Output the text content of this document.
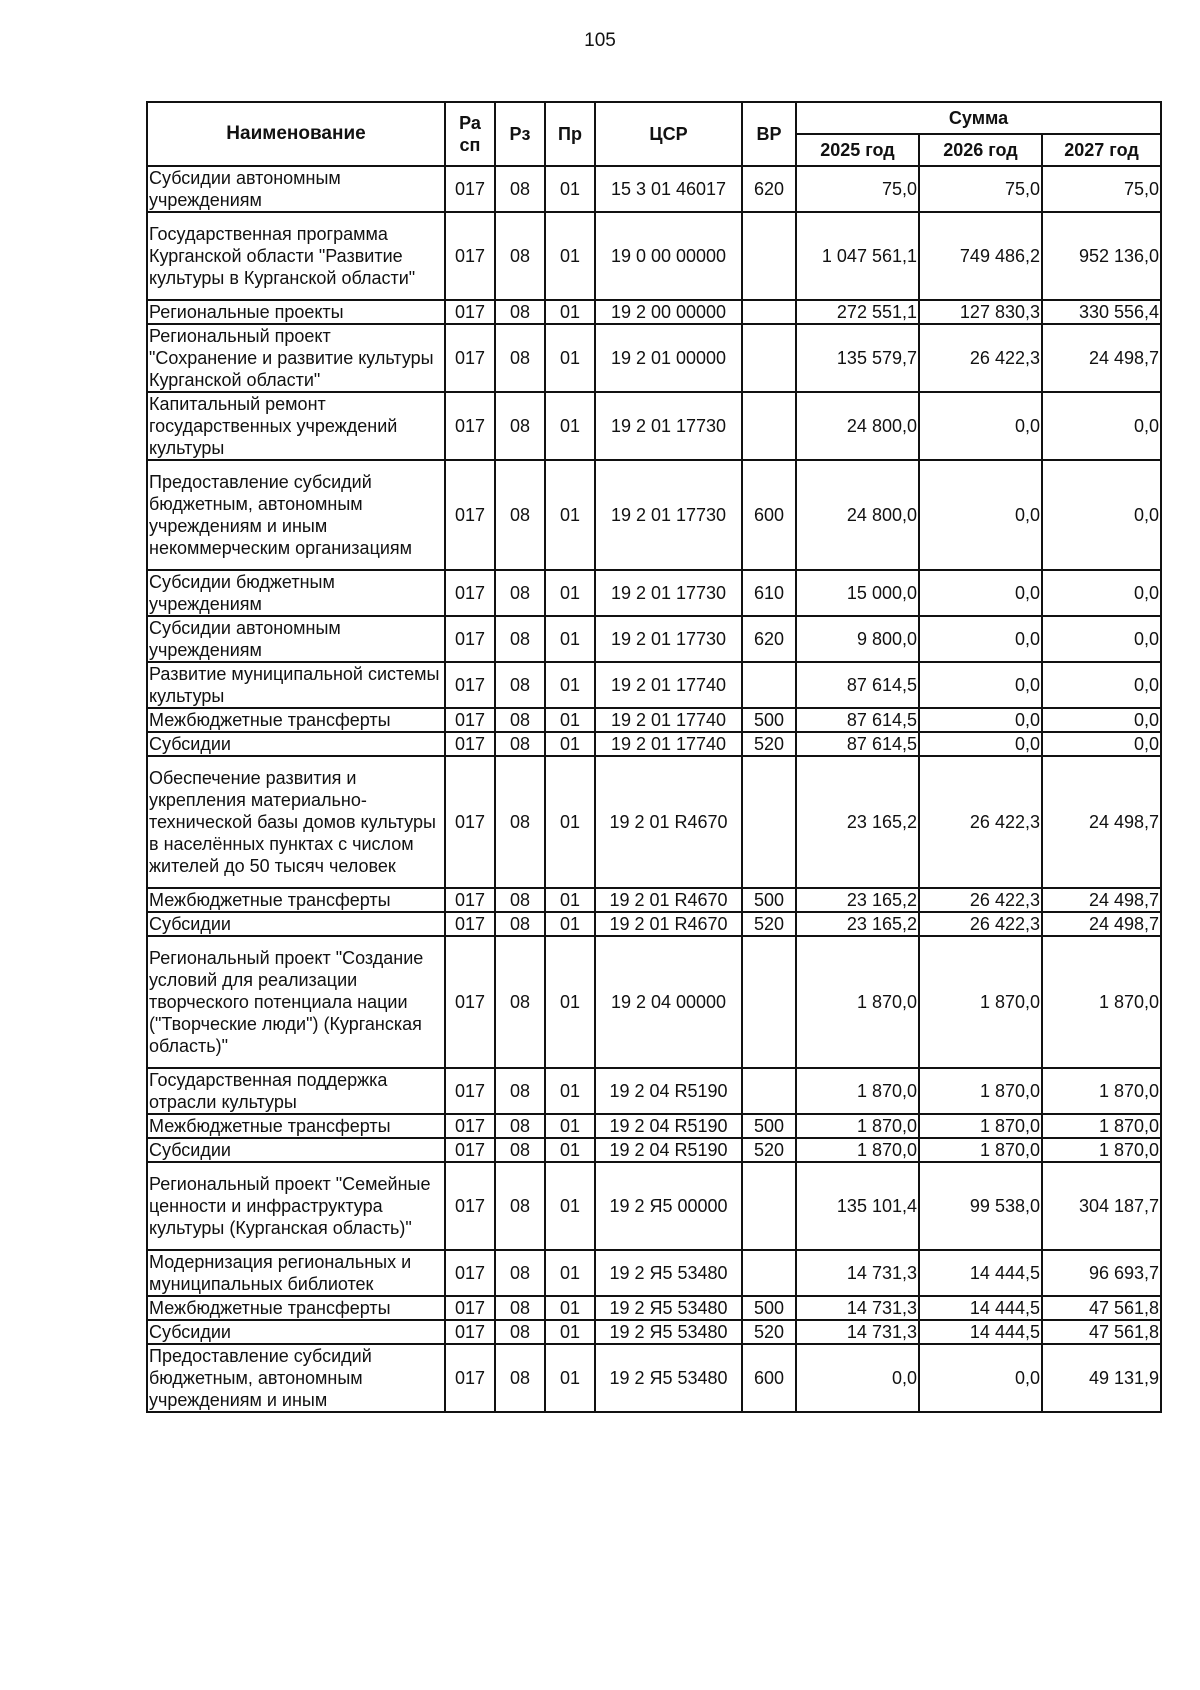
105
Наименование	Ра сп	Рз	Пр	ЦСР	ВР	Сумма		
						2025 год	2026 год	2027 год
Субсидии автономным учреждениям	017	08	01	15 3 01 46017	620	75,0	75,0	75,0
Государственная программа Курганской области "Развитие культуры в Курганской области"	017	08	01	19 0 00 00000		1 047 561,1	749 486,2	952 136,0
Региональные проекты	017	08	01	19 2 00 00000		272 551,1	127 830,3	330 556,4
Региональный проект "Сохранение и развитие культуры Курганской области"	017	08	01	19 2 01 00000		135 579,7	26 422,3	24 498,7
Капитальный ремонт государственных учреждений культуры	017	08	01	19 2 01 17730		24 800,0	0,0	0,0
Предоставление субсидий бюджетным, автономным учреждениям и иным некоммерческим организациям	017	08	01	19 2 01 17730	600	24 800,0	0,0	0,0
Субсидии бюджетным учреждениям	017	08	01	19 2 01 17730	610	15 000,0	0,0	0,0
Субсидии автономным учреждениям	017	08	01	19 2 01 17730	620	9 800,0	0,0	0,0
Развитие муниципальной системы культуры	017	08	01	19 2 01 17740		87 614,5	0,0	0,0
Межбюджетные трансферты	017	08	01	19 2 01 17740	500	87 614,5	0,0	0,0
Субсидии	017	08	01	19 2 01 17740	520	87 614,5	0,0	0,0
Обеспечение развития и укрепления материально-технической базы домов культуры в населённых пунктах с числом жителей до 50 тысяч человек	017	08	01	19 2 01 R4670		23 165,2	26 422,3	24 498,7
Межбюджетные трансферты	017	08	01	19 2 01 R4670	500	23 165,2	26 422,3	24 498,7
Субсидии	017	08	01	19 2 01 R4670	520	23 165,2	26 422,3	24 498,7
Региональный проект "Создание условий для реализации творческого потенциала нации ("Творческие люди") (Курганская область)"	017	08	01	19 2 04 00000		1 870,0	1 870,0	1 870,0
Государственная поддержка отрасли культуры	017	08	01	19 2 04 R5190		1 870,0	1 870,0	1 870,0
Межбюджетные трансферты	017	08	01	19 2 04 R5190	500	1 870,0	1 870,0	1 870,0
Субсидии	017	08	01	19 2 04 R5190	520	1 870,0	1 870,0	1 870,0
Региональный проект "Семейные ценности и инфраструктура культуры (Курганская область)"	017	08	01	19 2 Я5 00000		135 101,4	99 538,0	304 187,7
Модернизация региональных и муниципальных библиотек	017	08	01	19 2 Я5 53480		14 731,3	14 444,5	96 693,7
Межбюджетные трансферты	017	08	01	19 2 Я5 53480	500	14 731,3	14 444,5	47 561,8
Субсидии	017	08	01	19 2 Я5 53480	520	14 731,3	14 444,5	47 561,8
Предоставление субсидий бюджетным, автономным учреждениям и иным	017	08	01	19 2 Я5 53480	600	0,0	0,0	49 131,9
